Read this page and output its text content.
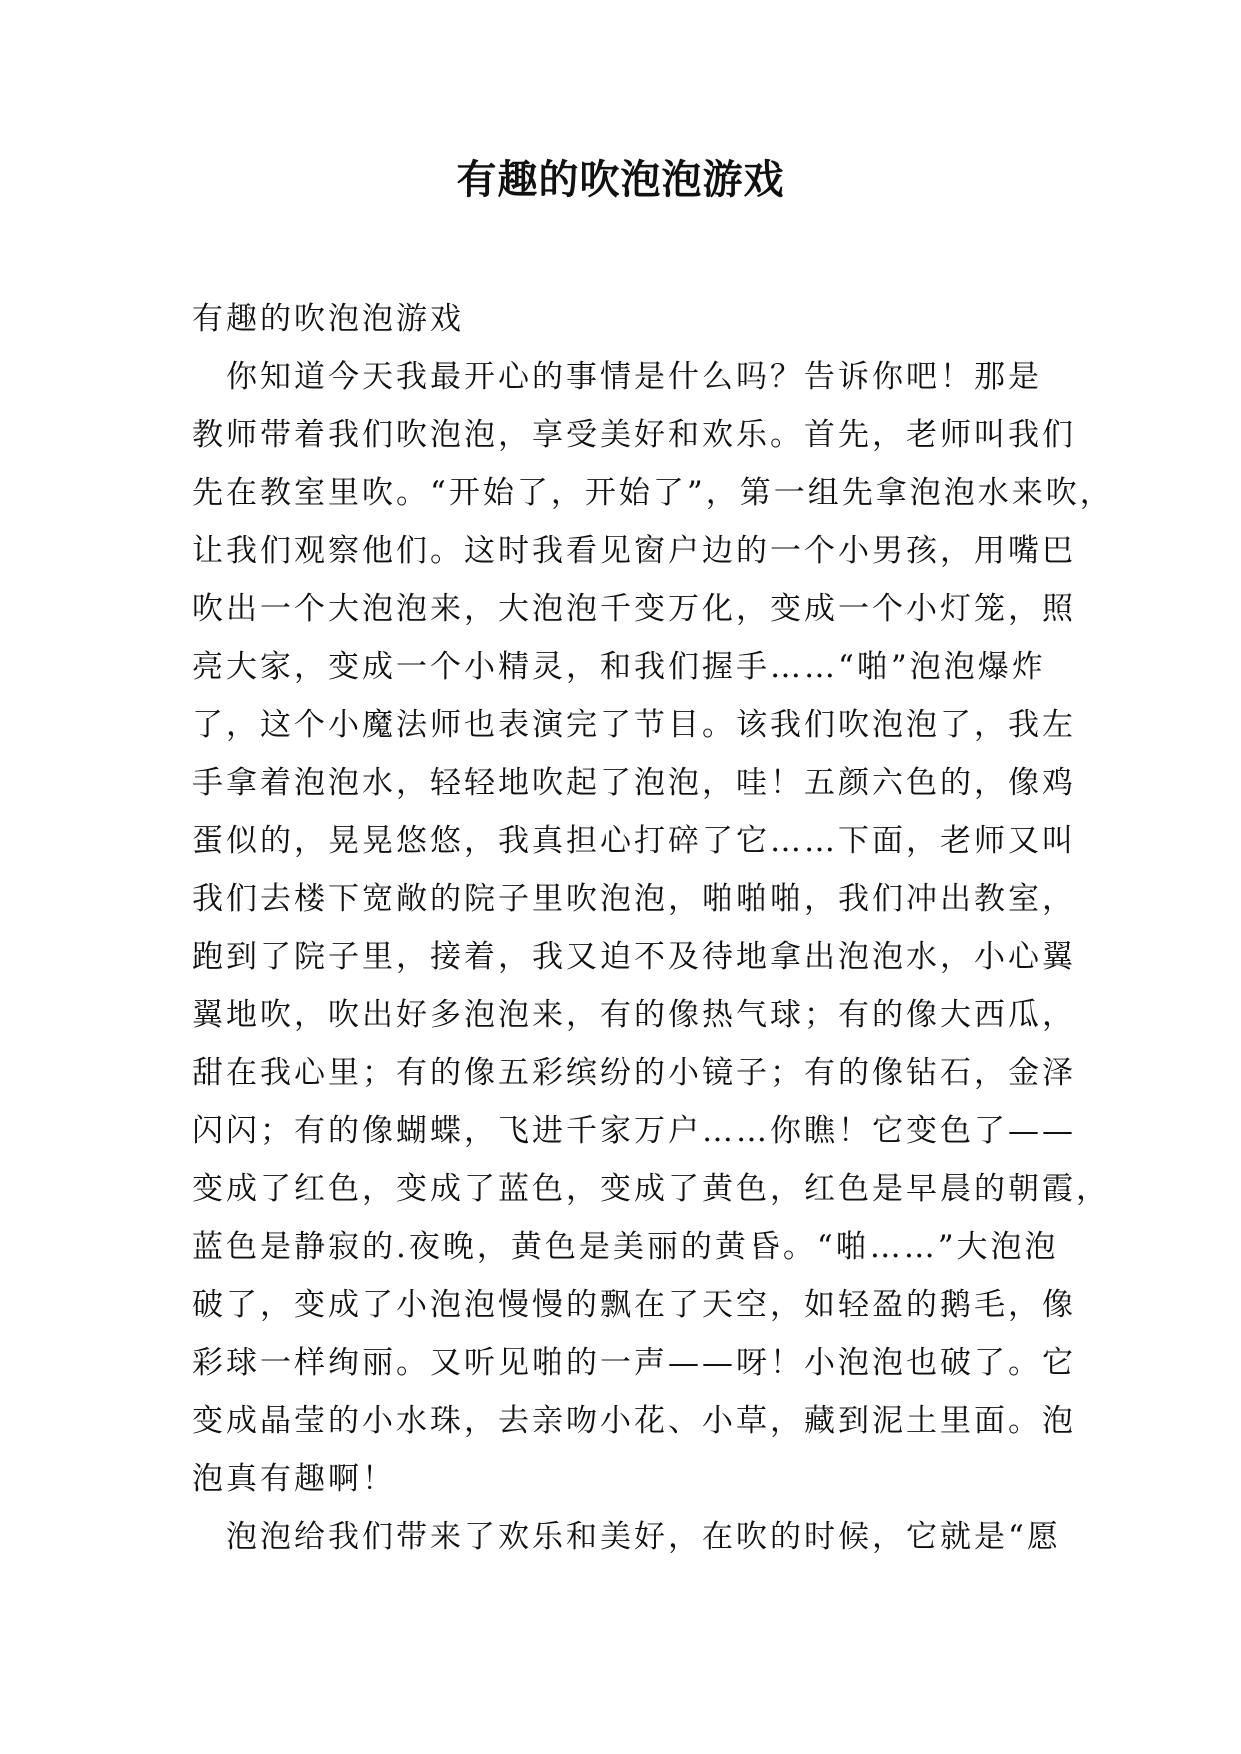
有趣的吹泡泡游戏
有趣的吹泡泡游戏
你知道今天我最开心的事情是什么吗？告诉你吧！那是
教师带着我们吹泡泡，享受美好和欢乐。首先，老师叫我们
先在教室里吹。“开始了，开始了”，第一组先拿泡泡水来吹，
让我们观察他们。这时我看见窗户边的一个小男孩，用嘴巴
吹出一个大泡泡来，大泡泡千变万化，变成一个小灯笼，照
亮大家，变成一个小精灵，和我们握手……“啪”泡泡爆炸
了，这个小魔法师也表演完了节目。该我们吹泡泡了，我左
手拿着泡泡水，轻轻地吹起了泡泡，哇！五颜六色的，像鸡
蛋似的，晃晃悠悠，我真担心打碎了它……下面，老师又叫
我们去楼下宽敞的院子里吹泡泡，啪啪啪，我们冲出教室，
跑到了院子里，接着，我又迫不及待地拿出泡泡水，小心翼
翼地吹，吹出好多泡泡来，有的像热气球；有的像大西瓜，
甜在我心里；有的像五彩缤纷的小镜子；有的像钻石，金泽
闪闪；有的像蝴蝶，飞进千家万户……你瞧！它变色了——
变成了红色，变成了蓝色，变成了黄色，红色是早晨的朝霞，
蓝色是静寂的.夜晚，黄色是美丽的黄昏。“啪……”大泡泡
破了，变成了小泡泡慢慢的飘在了天空，如轻盈的鹅毛，像
彩球一样绚丽。又听见啪的一声——呀！小泡泡也破了。它
变成晶莹的小水珠，去亲吻小花、小草，藏到泥土里面。泡
泡真有趣啊！
泡泡给我们带来了欢乐和美好，在吹的时候，它就是“愿
